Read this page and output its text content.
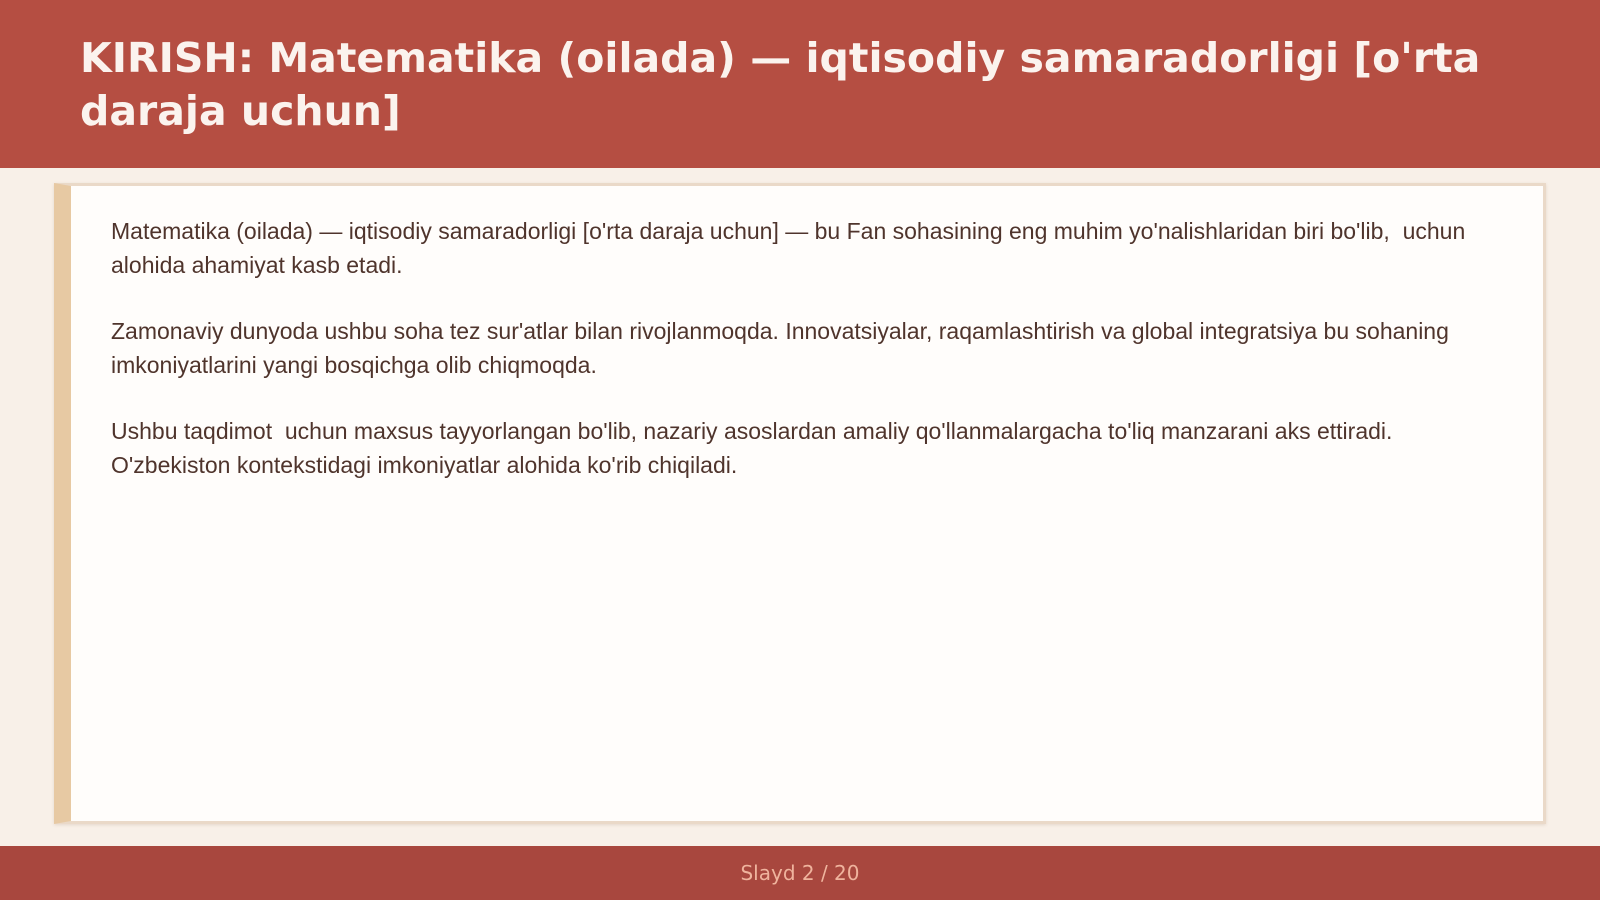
KIRISH: Matematika (oilada) — iqtisodiy samaradorligi [o'rta daraja uchun]

Matematika (oilada) — iqtisodiy samaradorligi [o'rta daraja uchun] — bu Fan sohasining eng muhim yo'nalishlaridan biri bo'lib,  uchun alohida ahamiyat kasb etadi.

Zamonaviy dunyoda ushbu soha tez sur'atlar bilan rivojlanmoqda. Innovatsiyalar, raqamlashtirish va global integratsiya bu sohaning imkoniyatlarini yangi bosqichga olib chiqmoqda.

Ushbu taqdimot  uchun maxsus tayyorlangan bo'lib, nazariy asoslardan amaliy qo'llanmalargacha to'liq manzarani aks ettiradi. O'zbekiston kontekstidagi imkoniyatlar alohida ko'rib chiqiladi.

Slayd 2 / 20
